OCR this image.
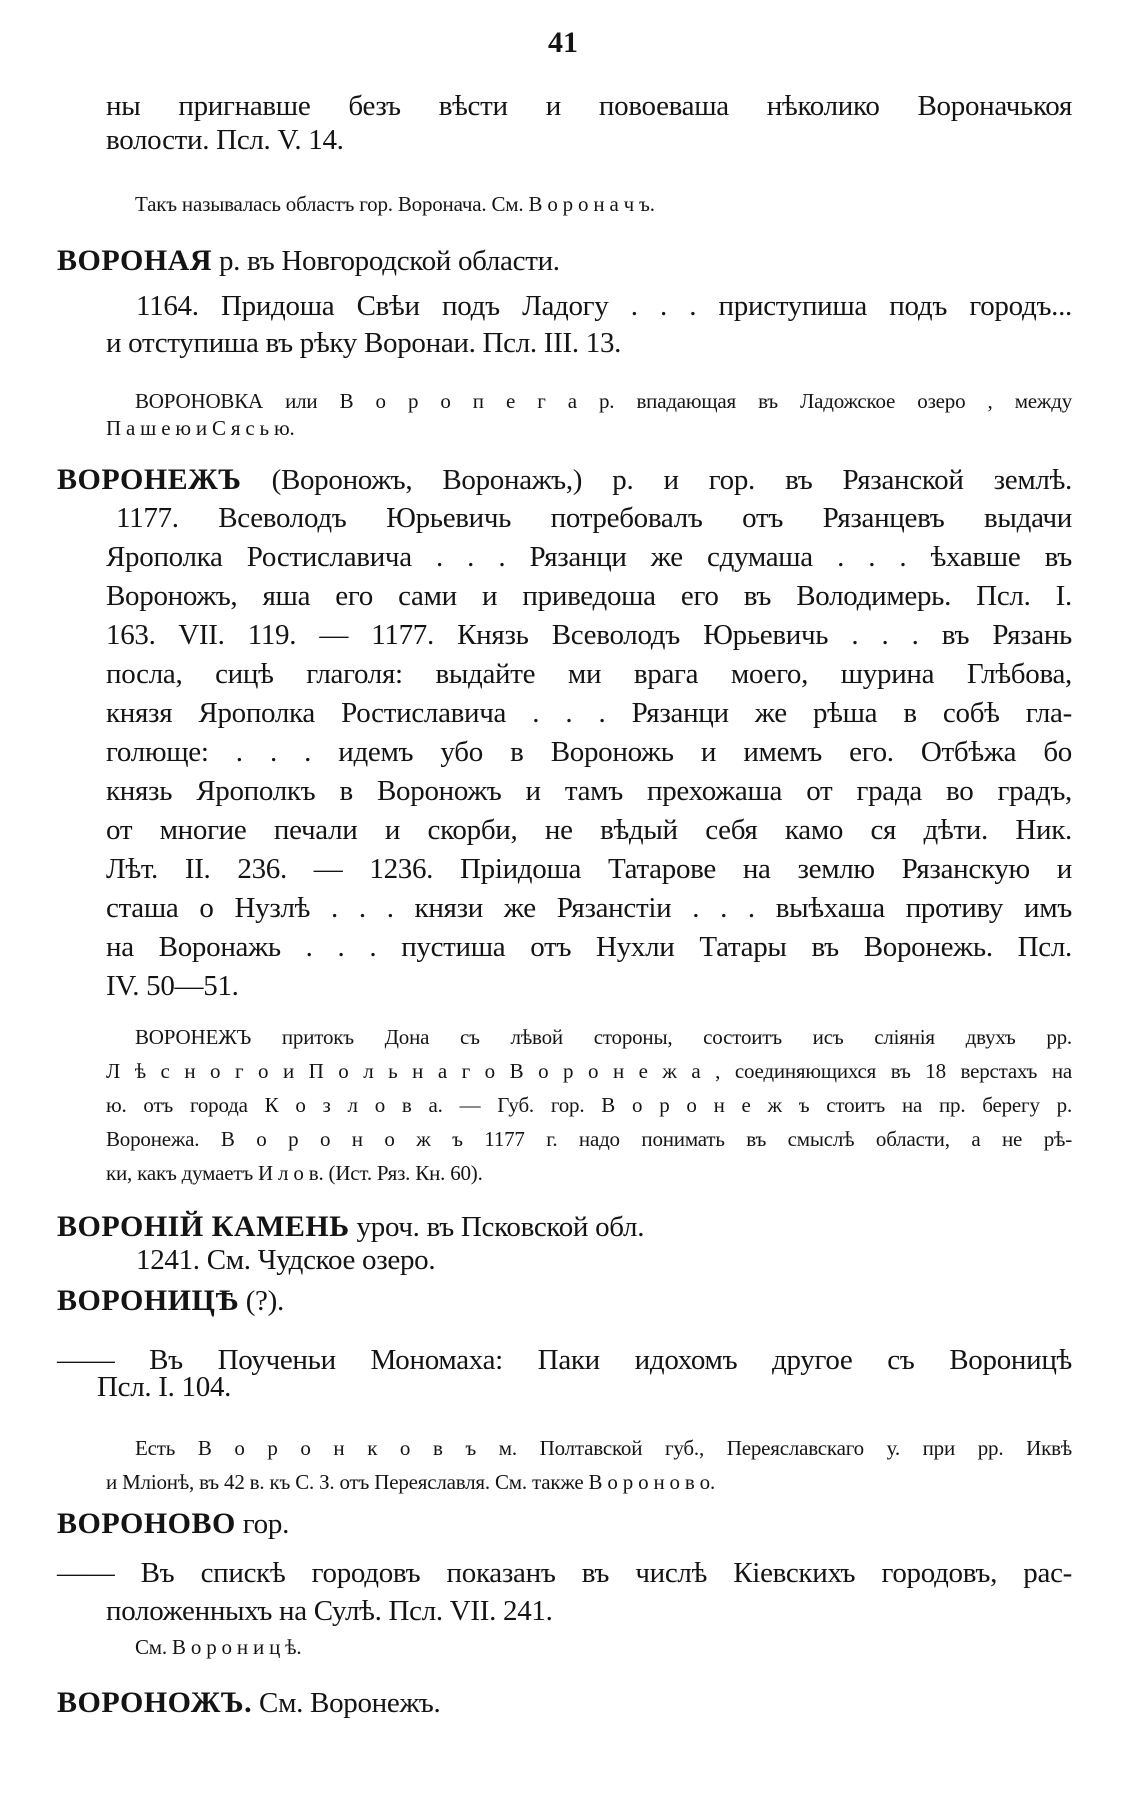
41
ны пригнавше безъ вѣсти и повоеваша нѣколико Вороначькоя
волости. Псл. V. 14.
Такъ называлась областъ гор. Вороначa. См. В о р о н а ч ъ.
ВОРОНАЯ р. въ Новгородской области.
1164. Придоша Свѣи подъ Ладогу . . . приступиша подъ городъ...
и отступиша въ рѣку Воронаи. Псл. III. 13.
ВОРОНОВКА или В о р о п е г а р. впадающая въ Ладожское озеро , между
П а ш е ю и С я с ь ю.
ВОРОНЕЖЪ (Вороножъ, Воронажъ,) р. и гор. въ Рязанской землѣ.
1177. Всеволодъ Юрьевичь потребовалъ отъ Рязанцевъ выдачи
Ярополка Ростиславича . . . Рязанци же сдумаша . . . ѣхавше въ
Вороножъ, яша его сами и приведоша его въ Володимерь. Псл. I.
163. VII. 119. — 1177. Князь Всеволодъ Юрьевичь . . . въ Рязань
посла, сицѣ глаголя: выдайте ми врага моего, шурина Глѣбова,
князя Ярополка Ростиславича . . . Рязанци же рѣша в собѣ гла-
голюще: . . . идемъ убо в Вороножь и имемъ его. Отбѣжа бо
князь Ярополкъ в Вороножъ и тамъ прехожаша от града во градъ,
от многие печали и скорби, не вѣдый себя камо ся дѣти. Ник.
Лѣт. II. 236. — 1236. Пріидоша Татарове на землю Рязанскую и
сташа о Нузлѣ . . . князи же Рязанстіи . . . выѣхаша противу имъ
на Воронажь . . . пустиша отъ Нухли Татары въ Воронежь. Псл.
IV. 50—51.
ВОРОНЕЖЪ притокъ Дона съ лѣвой стороны, состоитъ исъ сліянія двухъ рр.
Л ѣ с н о г о и П о л ь н а г о В о р о н е ж а , соединяющихся въ 18 верстахъ на
ю. отъ города К о з л о в а. — Губ. гор. В о р о н е ж ъ стоитъ на пр. берегу р.
Воронежа. В о р о н о ж ъ 1177 г. надо понимать въ смыслѣ области, а не рѣ-
ки, какъ думаетъ И л о в. (Ист. Ряз. Кн. 60).
ВОРОНІЙ КАМЕНЬ уроч. въ Псковской обл.
1241. См. Чудское озеро.
ВОРОНИЦѢ (?).
—— Въ Поученьи Мономаха: Паки идохомъ другое съ Вороницѣ
Псл. I. 104.
Есть В о р о н к о в ъ м. Полтавской губ., Переяславскаго у. при рр. Иквѣ
и Мліонѣ, въ 42 в. къ С. З. отъ Переяславля. См. также В о р о н о в о.
ВОРОНОВО гор.
—— Въ спискѣ городовъ показанъ въ числѣ Кіевскихъ городовъ, рас-
положенныхъ на Сулѣ. Псл. VII. 241.
См. В о р о н и ц ѣ.
ВОРОНОЖЪ. См. Воронежъ.
